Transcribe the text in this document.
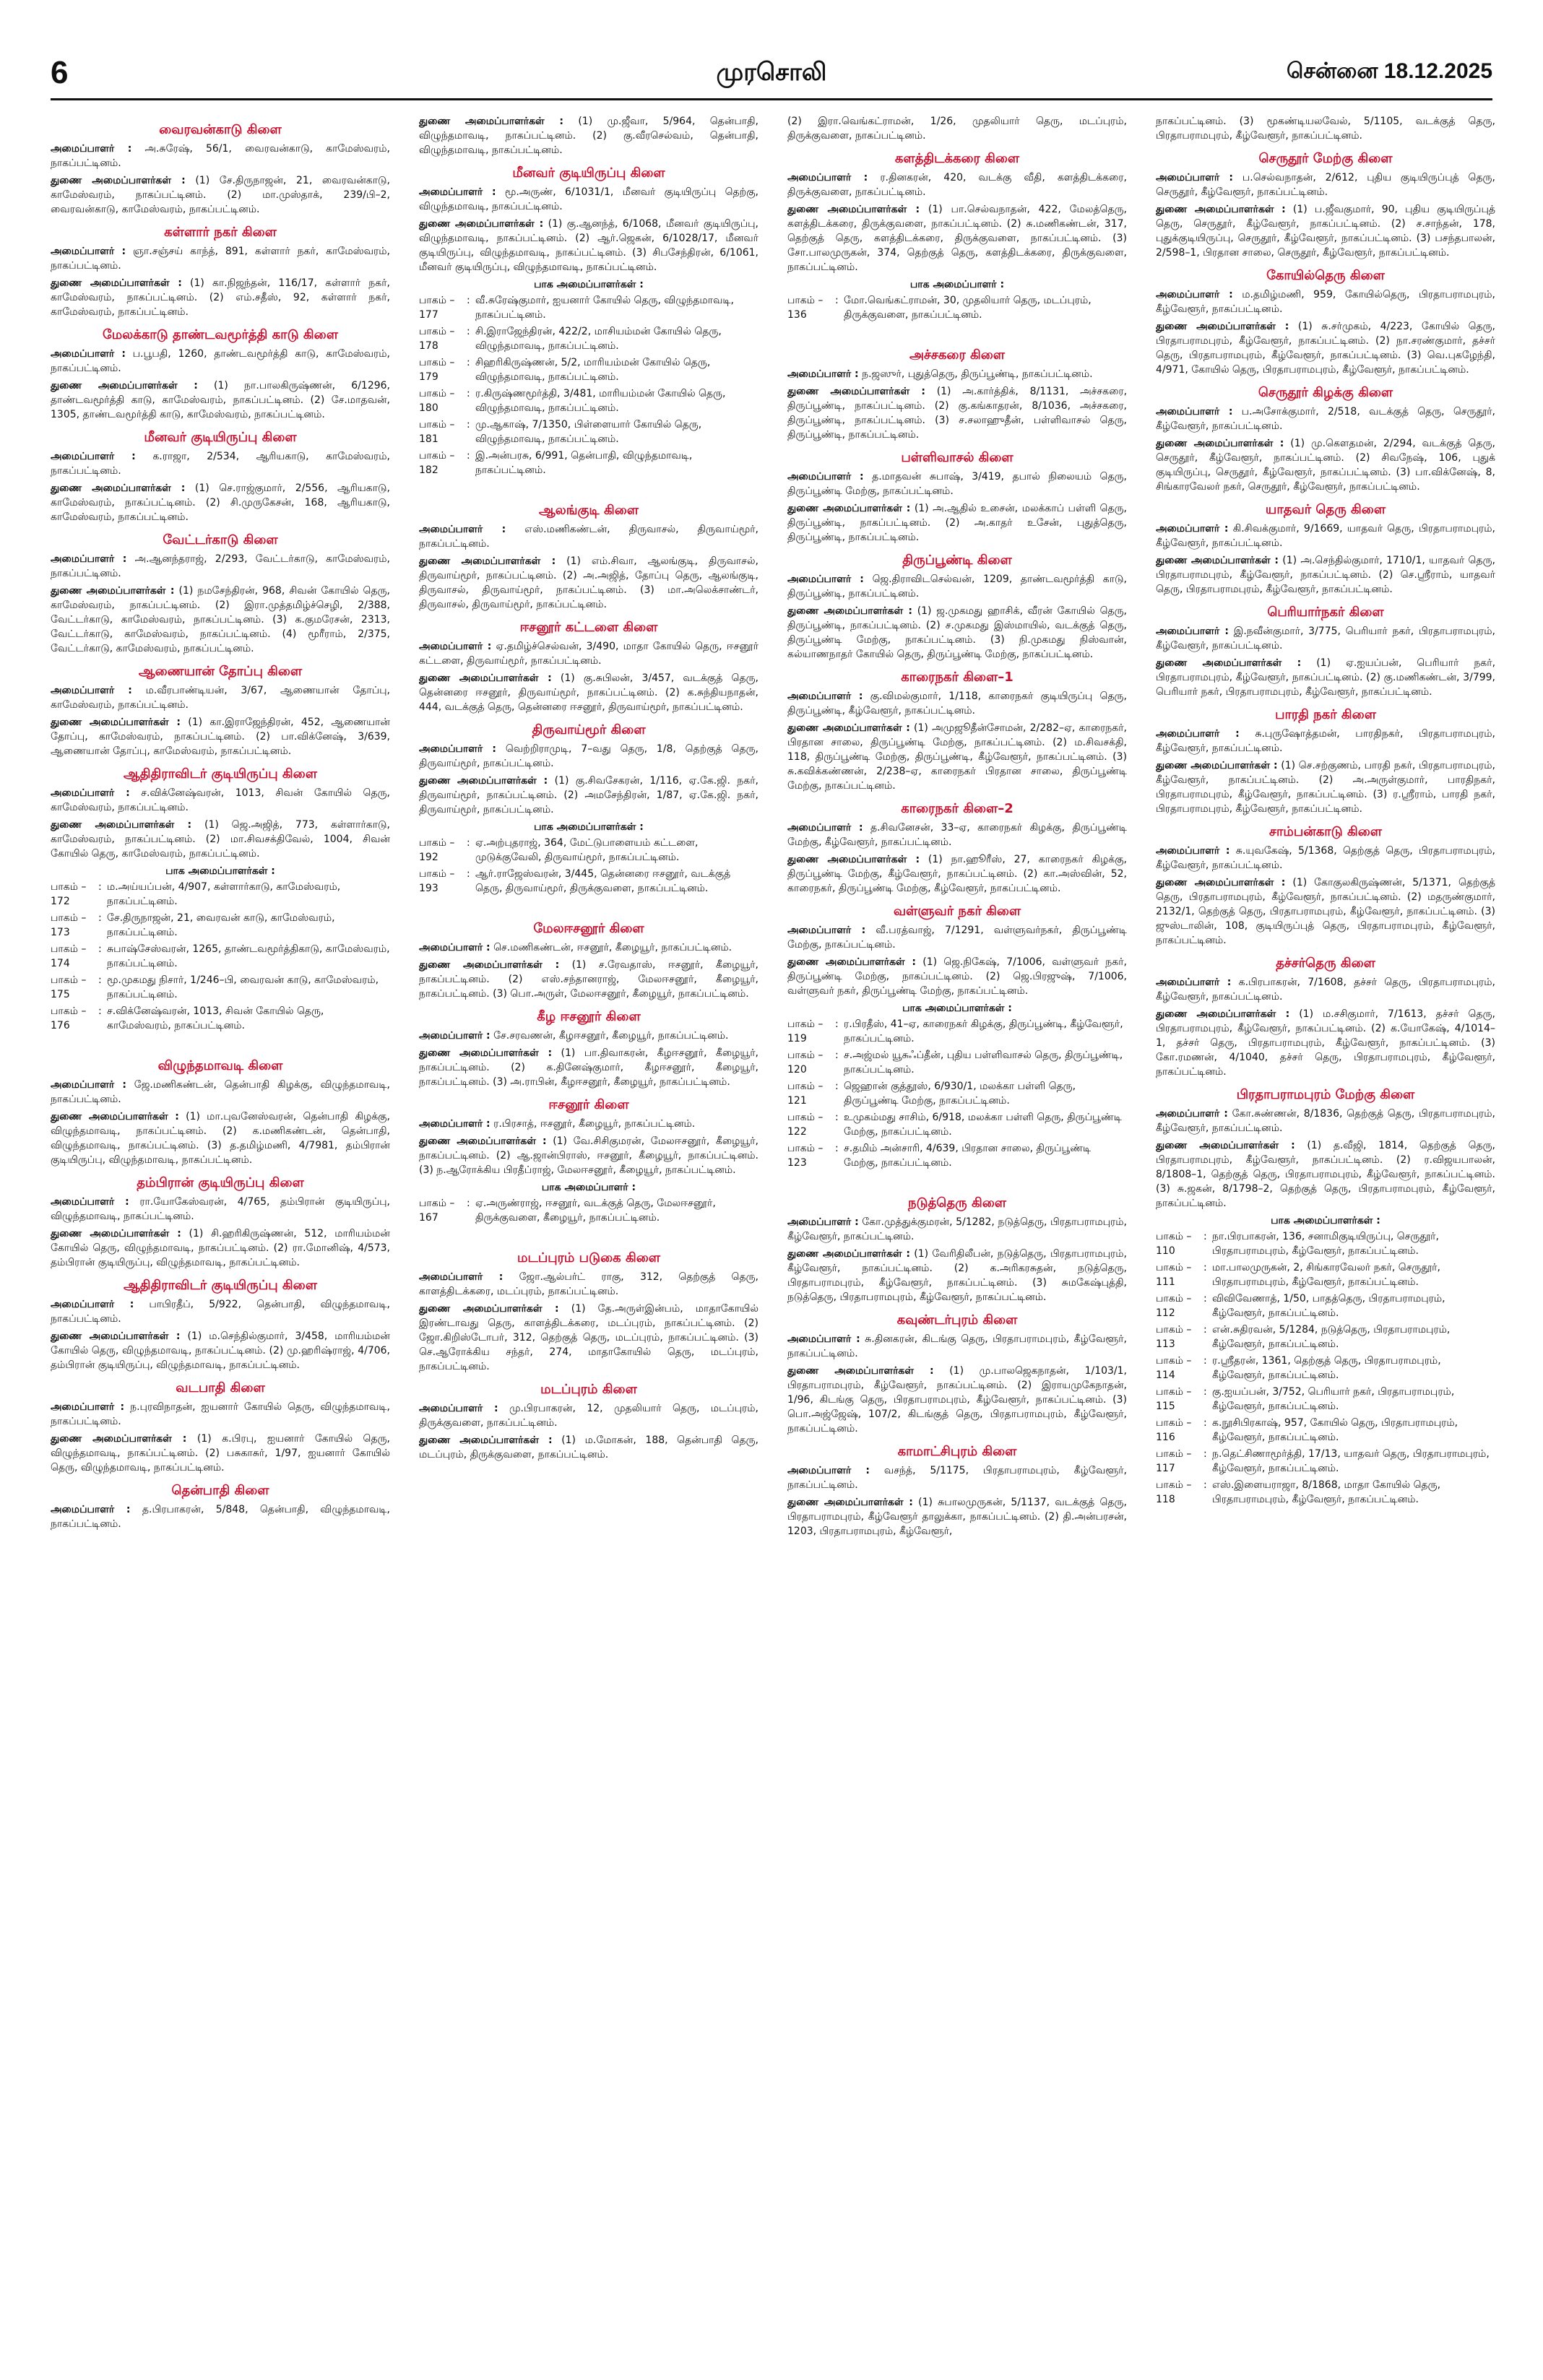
6	முரசொலி	சென்னை 18.12.2025
வைரவன்காடு கிளை
அமைப்பாளர் : அ.சுரேஷ், 56/1, வைரவன்காடு, காமேஸ்வரம், நாகப்பட்டினம்.
துணை அமைப்பாளர்கள் : (1) சே.திருநாஜன், 21, வைரவன்காடு, காமேஸ்வரம், நாகப்பட்டினம். (2) மா.முஸ்தாக், 239/பி–2, வைரவன்காடு, காமேஸ்வரம், நாகப்பட்டினம்.
கள்ளார் நகர் கிளை
அமைப்பாளர் : ஞா.சஞ்சய் காந்த், 891, கள்ளார் நகர், காமேஸ்வரம், நாகப்பட்டினம்.
துணை அமைப்பாளர்கள் : (1) கா.நிஜந்தன், 116/17, கள்ளார் நகர், காமேஸ்வரம், நாகப்பட்டினம். (2) எம்.சதீஸ், 92, கள்ளார் நகர், காமேஸ்வரம், நாகப்பட்டினம்.
மேலக்காடு தாண்டவமூர்த்தி காடு கிளை
அமைப்பாளர் : ப.பூபதி, 1260, தாண்டவமூர்த்தி காடு, காமேஸ்வரம், நாகப்பட்டினம்.
துணை அமைப்பாளர்கள் : (1) நா.பாலகிருஷ்ணன், 6/1296, தாண்டவமூர்த்தி காடு, காமேஸ்வரம், நாகப்பட்டினம். (2) சே.மாதவன், 1305, தாண்டவமூர்த்தி காடு, காமேஸ்வரம், நாகப்பட்டினம்.
மீனவர் குடியிருப்பு கிளை
அமைப்பாளர் : க.ராஜா, 2/534, ஆரியகாடு, காமேஸ்வரம், நாகப்பட்டினம்.
துணை அமைப்பாளர்கள் : (1) செ.ராஜ்குமார், 2/556, ஆரியகாடு, காமேஸ்வரம், நாகப்பட்டினம். (2) சி.முருகேசன், 168, ஆரியகாடு, காமேஸ்வரம், நாகப்பட்டினம்.
வேட்டர்காடு கிளை
அமைப்பாளர் : அ.ஆனந்தராஜ், 2/293, வேட்டர்காடு, காமேஸ்வரம், நாகப்பட்டினம்.
துணை அமைப்பாளர்கள் : (1) நமசேந்திரன், 968, சிவன் கோயில் தெரு, காமேஸ்வரம், நாகப்பட்டினம். (2) இரா.முத்தமிழ்ச்செழி, 2/388, வேட்டர்காடு, காமேஸ்வரம், நாகப்பட்டினம். (3) க.குமரேசன், 2313, வேட்டர்காடு, காமேஸ்வரம், நாகப்பட்டினம். (4) மூரீராம், 2/375, வேட்டர்காடு, காமேஸ்வரம், நாகப்பட்டினம்.
ஆணையான் தோப்பு கிளை
அமைப்பாளர் : ம.வீரபாண்டியன், 3/67, ஆணையான் தோப்பு, காமேஸ்வரம், நாகப்பட்டினம்.
துணை அமைப்பாளர்கள் : (1) கா.இராஜேந்திரன், 452, ஆணையான் தோப்பு, காமேஸ்வரம், நாகப்பட்டினம். (2) பா.விக்னேஷ், 3/639, ஆணையான் தோப்பு, காமேஸ்வரம், நாகப்பட்டினம்.
ஆதிதிராவிடர் குடியிருப்பு கிளை
அமைப்பாளர் : ச.விக்னேஷ்வரன், 1013, சிவன் கோயில் தெரு, காமேஸ்வரம், நாகப்பட்டினம்.
துணை அமைப்பாளர்கள் : (1) ஜெ.அஜித், 773, கள்ளார்காடு, காமேஸ்வரம், நாகப்பட்டினம். (2) மா.சிவசக்திவேல், 1004, சிவன் கோயில் தெரு, காமேஸ்வரம், நாகப்பட்டினம்.
பாக அமைப்பாளர்கள் :
பாகம் – 172
: ம.அய்யப்பன், 4/907, கள்ளார்காடு, காமேஸ்வரம், நாகப்பட்டினம்.
பாகம் – 173
: சே.திருநாஜன், 21, வைரவன் காடு, காமேஸ்வரம், நாகப்பட்டினம்.
பாகம் – 174
: சுபாஷ்சேஸ்வரன், 1265, தாண்டவமூர்த்திகாடு, காமேஸ்வரம், நாகப்பட்டினம்.
பாகம் – 175
: மூ.முகமது நிசார், 1/246–பி, வைரவன் காடு, காமேஸ்வரம், நாகப்பட்டினம்.
பாகம் – 176
: ச.விக்னேஷ்வரன், 1013, சிவன் கோயில் தெரு, காமேஸ்வரம், நாகப்பட்டினம்.
விழுந்தமாவடி கிளை
அமைப்பாளர் : ஜே.மணிகண்டன், தென்பாதி கிழக்கு, விழுந்தமாவடி, நாகப்பட்டினம்.
துணை அமைப்பாளர்கள் : (1) மா.புவனேஸ்வரன், தென்பாதி கிழக்கு, விழுந்தமாவடி, நாகப்பட்டினம். (2) க.மணிகண்டன், தென்பாதி, விழுந்தமாவடி, நாகப்பட்டினம். (3) த.தமிழ்மணி, 4/7981, தம்பிரான் குடியிருப்பு, விழுந்தமாவடி, நாகப்பட்டினம்.
தம்பிரான் குடியிருப்பு கிளை
அமைப்பாளர் : ரா.யோகேஸ்வரன், 4/765, தம்பிரான் குடியிருப்பு, விழுந்தமாவடி, நாகப்பட்டினம்.
துணை அமைப்பாளர்கள் : (1) சி.ஹரிகிருஷ்ணன், 512, மாரியம்மன் கோயில் தெரு, விழுந்தமாவடி, நாகப்பட்டினம். (2) ரா.மோனிஷ், 4/573, தம்பிரான் குடியிருப்பு, விழுந்தமாவடி, நாகப்பட்டினம்.
ஆதிதிராவிடர் குடியிருப்பு கிளை
அமைப்பாளர் : பாபிரதீப், 5/922, தென்பாதி, விழுந்தமாவடி, நாகப்பட்டினம்.
துணை அமைப்பாளர்கள் : (1) ம.செந்தில்குமார், 3/458, மாரியம்மன் கோயில் தெரு, விழுந்தமாவடி, நாகப்பட்டினம். (2) மு.ஹரிஷ்ராஜ், 4/706, தம்பிரான் குடியிருப்பு, விழுந்தமாவடி, நாகப்பட்டினம்.
வடபாதி கிளை
அமைப்பாளர் : ந.புரவிநாதன், ஐயனார் கோயில் தெரு, விழுந்தமாவடி, நாகப்பட்டினம்.
துணை அமைப்பாளர்கள் : (1) க.பிரபு, ஐயனார் கோயில் தெரு, விழுந்தமாவடி, நாகப்பட்டினம். (2) பசுகாசுர், 1/97, ஐயனார் கோயில் தெரு, விழுந்தமாவடி, நாகப்பட்டினம்.
தென்பாதி கிளை
அமைப்பாளர் : த.பிரபாகரன், 5/848, தென்பாதி, விழுந்தமாவடி, நாகப்பட்டினம்.
துணை அமைப்பாளர்கள் : (1) மு.ஜீவா, 5/964, தென்பாதி, விழுந்தமாவடி, நாகப்பட்டினம். (2) கு.வீரசெல்வம், தென்பாதி, விழுந்தமாவடி, நாகப்பட்டினம்.
மீனவர் குடியிருப்பு கிளை
அமைப்பாளர் : மூ.அருண், 6/1031/1, மீனவர் குடியிருப்பு தெற்கு, விழுந்தமாவடி, நாகப்பட்டினம்.
துணை அமைப்பாளர்கள் : (1) கு.ஆனந்த், 6/1068, மீனவர் குடியிருப்பு, விழுந்தமாவடி, நாகப்பட்டினம். (2) ஆர்.ஜெகன், 6/1028/17, மீனவர் குடியிருப்பு, விழுந்தமாவடி, நாகப்பட்டினம். (3) சிபசேந்திரன், 6/1061, மீனவர் குடியிருப்பு, விழுந்தமாவடி, நாகப்பட்டினம்.
பாக அமைப்பாளர்கள் :
பாகம் – 177
: வீ.சுரேஷ்குமார், ஐயனார் கோயில் தெரு, விழுந்தமாவடி, நாகப்பட்டினம்.
பாகம் – 178
: சி.இராஜேந்திரன், 422/2, மாசியம்மன் கோயில் தெரு, விழுந்தமாவடி, நாகப்பட்டினம்.
பாகம் – 179
: சிஹரிகிருஷ்ணன், 5/2, மாரியம்மன் கோயில் தெரு, விழுந்தமாவடி, நாகப்பட்டினம்.
பாகம் – 180
: ர.கிருஷ்ணமூர்த்தி, 3/481, மாரியம்மன் கோயில் தெரு, விழுந்தமாவடி, நாகப்பட்டினம்.
பாகம் – 181
: மு.ஆகாஷ், 7/1350, பிள்ளையார் கோயில் தெரு, விழுந்தமாவடி, நாகப்பட்டினம்.
பாகம் – 182
: இ.அன்பரசு, 6/991, தென்பாதி, விழுந்தமாவடி, நாகப்பட்டினம்.
ஆலங்குடி கிளை
அமைப்பாளர் : எஸ்.மணிகண்டன், திருவாசல், திருவாய்மூர், நாகப்பட்டினம்.
துணை அமைப்பாளர்கள் : (1) எம்.சிவா, ஆலங்குடி, திருவாசல், திருவாய்மூர், நாகப்பட்டினம். (2) அ.அஜித், தோப்பு தெரு, ஆலங்குடி, திருவாசல், திருவாய்மூர், நாகப்பட்டினம். (3) மா.அலெக்சாண்டர், திருவாசல், திருவாய்மூர், நாகப்பட்டினம்.
ஈசனூர் கட்டளை கிளை
அமைப்பாளர் : ஏ.தமிழ்ச்செல்வன், 3/490, மாதா கோயில் தெரு, ஈசனூர் கட்டளை, திருவாய்மூர், நாகப்பட்டினம்.
துணை அமைப்பாளர்கள் : (1) கு.சுபிலன், 3/457, வடக்குத் தெரு, தென்னரை ஈசனூர், திருவாய்மூர், நாகப்பட்டினம். (2) க.சுந்தியநாதன், 444, வடக்குத் தெரு, தென்னரை ஈசனூர், திருவாய்மூர், நாகப்பட்டினம்.
திருவாய்மூர் கிளை
அமைப்பாளர் : வெற்றிராமுடி, 7–வது தெரு, 1/8, தெற்குத் தெரு, திருவாய்மூர், நாகப்பட்டினம்.
துணை அமைப்பாளர்கள் : (1) கு.சிவசேகரன், 1/116, ஏ.கே.ஜி. நகர், திருவாய்மூர், நாகப்பட்டினம். (2) அமசேந்திரன், 1/87, ஏ.கே.ஜி. நகர், திருவாய்மூர், நாகப்பட்டினம்.
பாக அமைப்பாளர்கள் :
பாகம் – 192
: ஏ.அற்புதராஜ், 364, மேட்டுபாளையம் கட்டளை, முடுக்குவேலி, திருவாய்மூர், நாகப்பட்டினம்.
பாகம் – 193
: ஆர்.ராஜேஸ்வரன், 3/445, தென்னரை ஈசனூர், வடக்குத் தெரு, திருவாய்மூர், திருக்குவளை, நாகப்பட்டினம்.
மேலஈசனூர் கிளை
அமைப்பாளர் : செ.மணிகண்டன், ஈசனூர், கீழையூர், நாகப்பட்டினம்.
துணை அமைப்பாளர்கள் : (1) ச.ரேவதாஸ், ஈசனூர், கீழையூர், நாகப்பட்டினம். (2) எஸ்.சந்தானராஜ், மேலஈசனூர், கீழையூர், நாகப்பட்டினம். (3) பொ.அருள், மேலஈசனூர், கீழையூர், நாகப்பட்டினம்.
கீழ ஈசனூர் கிளை
அமைப்பாளர் : சே.சரவணன், கீழஈசனூர், கீழையூர், நாகப்பட்டினம்.
துணை அமைப்பாளர்கள் : (1) பா.திவாகரன், கீழஈசனூர், கீழையூர், நாகப்பட்டினம். (2) க.தினேஷ்குமார், கீழஈசனூர், கீழையூர், நாகப்பட்டினம். (3) அ.ராபின், கீழஈசனூர், கீழையூர், நாகப்பட்டினம்.
ஈசனூர் கிளை
அமைப்பாளர் : ர.பிரசாத், ஈசனூர், கீழையூர், நாகப்பட்டினம்.
துணை அமைப்பாளர்கள் : (1) வே.சிசிகுமரன், மேலஈசனூர், கீழையூர், நாகப்பட்டினம். (2) ஆ.ஜான்பிராஸ், ஈசனூர், கீழையூர், நாகப்பட்டினம். (3) ந.ஆரோக்கிய பிரதீப்ராஜ், மேலஈசனூர், கீழையூர், நாகப்பட்டினம்.
பாக அமைப்பாளர் :
பாகம் – 167
: ஏ.அருண்ராஜ், ஈசனூர், வடக்குத் தெரு, மேலஈசனூர், திருக்குவளை, கீழையூர், நாகப்பட்டினம்.
மடப்புரம் படுகை கிளை
அமைப்பாளர் : ஜோ.ஆல்பர்ட் ராகு, 312, தெற்குத் தெரு, காளத்திடக்கரை, மடப்புரம், நாகப்பட்டினம்.
துணை அமைப்பாளர்கள் : (1) தே.அருள்இன்பம், மாதாகோயில் இரண்டாவது தெரு, காளத்திடக்கரை, மடப்புரம், நாகப்பட்டினம். (2) ஜோ.கிறிஸ்டோபர், 312, தெற்குத் தெரு, மடப்புரம், நாகப்பட்டினம். (3) செ.ஆரோக்கிய சந்தர், 274, மாதாகோயில் தெரு, மடப்புரம், நாகப்பட்டினம்.
மடப்புரம் கிளை
அமைப்பாளர் : மு.பிரபாகரன், 12, முதலியார் தெரு, மடப்புரம், திருக்குவளை, நாகப்பட்டினம்.
துணை அமைப்பாளர்கள் : (1) ம.மோகன், 188, தென்பாதி தெரு, மடப்புரம், திருக்குவளை, நாகப்பட்டினம்.
(2) இரா.வெங்கட்ராமன், 1/26, முதலியார் தெரு, மடப்புரம், திருக்குவளை, நாகப்பட்டினம்.
களத்திடக்கரை கிளை
அமைப்பாளர் : ர.தினகரன், 420, வடக்கு வீதி, களத்திடக்கரை, திருக்குவளை, நாகப்பட்டினம்.
துணை அமைப்பாளர்கள் : (1) பா.செல்வநாதன், 422, மேலத்தெரு, களத்திடக்கரை, திருக்குவளை, நாகப்பட்டினம். (2) சு.மணிகண்டன், 317, தெற்குத் தெரு, களத்திடக்கரை, திருக்குவளை, நாகப்பட்டினம். (3) சோ.பாலமுருகன், 374, தெற்குத் தெரு, களத்திடக்கரை, திருக்குவளை, நாகப்பட்டினம்.
பாக அமைப்பாளர் :
பாகம் – 136
: மோ.வெங்கட்ராமன், 30, முதலியார் தெரு, மடப்புரம், திருக்குவளை, நாகப்பட்டினம்.
அச்சகரை கிளை
அமைப்பாளர் : ந.ஜஸுர், புதுத்தெரு, திருப்பூண்டி, நாகப்பட்டினம்.
துணை அமைப்பாளர்கள் : (1) அ.கார்த்திக், 8/1131, அச்சகரை, திருப்பூண்டி, நாகப்பட்டினம். (2) கு.கங்காதரன், 8/1036, அச்சகரை, திருப்பூண்டி, நாகப்பட்டினம். (3) ச.சலாஹுதீன், பள்ளிவாசல் தெரு, திருப்பூண்டி, நாகப்பட்டினம்.
பள்ளிவாசல் கிளை
அமைப்பாளர் : த.மாதவன் சுபாஷ், 3/419, தபால் நிலையம் தெரு, திருப்பூண்டி மேற்கு, நாகப்பட்டினம்.
துணை அமைப்பாளர்கள் : (1) அ.ஆதில் உசைன், மலக்காப் பள்ளி தெரு, திருப்பூண்டி, நாகப்பட்டினம். (2) அ.காதர் உசேன், புதுத்தெரு, திருப்பூண்டி, நாகப்பட்டினம்.
திருப்பூண்டி கிளை
அமைப்பாளர் : ஜெ.திராவிடசெல்வன், 1209, தாண்டவமூர்த்தி காடு, திருப்பூண்டி, நாகப்பட்டினம்.
துணை அமைப்பாளர்கள் : (1) ஜ.முகமது ஹாசிக், வீரன் கோயில் தெரு, திருப்பூண்டி, நாகப்பட்டினம். (2) ச.முகமது இஸ்மாயில், வடக்குத் தெரு, திருப்பூண்டி மேற்கு, நாகப்பட்டினம். (3) நி.முகமது நிஸ்வான், கல்யாணநாதர் கோயில் தெரு, திருப்பூண்டி மேற்கு, நாகப்பட்டினம்.
காரைநகர் கிளை–1
அமைப்பாளர் : கு.விமல்குமார், 1/118, காரைநகர் குடியிருப்பு தெரு, திருப்பூண்டி, கீழ்வேளூர், நாகப்பட்டினம்.
துணை அமைப்பாளர்கள் : (1) அமுஜூதீன்சோமன், 2/282–ஏ, காரைநகர், பிரதான சாலை, திருப்பூண்டி மேற்கு, நாகப்பட்டினம். (2) ம.சிவசக்தி, 118, திருப்பூண்டி மேற்கு, திருப்பூண்டி, கீழ்வேளூர், நாகப்பட்டினம். (3) சு.கவிக்கண்ணன், 2/238–ஏ, காரைநகர் பிரதான சாலை, திருப்பூண்டி மேற்கு, நாகப்பட்டினம்.
காரைநகர் கிளை–2
அமைப்பாளர் : த.சிவனேசன், 33–ஏ, காரைநகர் கிழக்கு, திருப்பூண்டி மேற்கு, கீழ்வேளூர், நாகப்பட்டினம்.
துணை அமைப்பாளர்கள் : (1) நா.ஹூரீஸ், 27, காரைநகர் கிழக்கு, திருப்பூண்டி மேற்கு, கீழ்வேளூர், நாகப்பட்டினம். (2) கா.அஸ்வின், 52, காரைநகர், திருப்பூண்டி மேற்கு, கீழ்வேளூர், நாகப்பட்டினம்.
வள்ளுவர் நகர் கிளை
அமைப்பாளர் : வீ.பரத்வாஜ், 7/1291, வள்ளுவர்நகர், திருப்பூண்டி மேற்கு, நாகப்பட்டினம்.
துணை அமைப்பாளர்கள் : (1) ஜெ.நிகேஷ், 7/1006, வள்ளுவர் நகர், திருப்பூண்டி மேற்கு, நாகப்பட்டினம். (2) ஜெ.பிரஜுஷ், 7/1006, வள்ளுவர் நகர், திருப்பூண்டி மேற்கு, நாகப்பட்டினம்.
பாக அமைப்பாளர்கள் :
பாகம் – 119
: ர.பிரதீஸ், 41–ஏ, காரைநகர் கிழக்கு, திருப்பூண்டி, கீழ்வேளூர், நாகப்பட்டினம்.
பாகம் – 120
: ச.அஜ்மல் யூசுஃப்தீன், புதிய பள்ளிவாசல் தெரு, திருப்பூண்டி, நாகப்பட்டினம்.
பாகம் – 121
: ஜெஹான் குத்தூஸ், 6/930/1, மலக்கா பள்ளி தெரு, திருப்பூண்டி மேற்கு, நாகப்பட்டினம்.
பாகம் – 122
: உமுகம்மது சாசிம், 6/918, மலக்கா பள்ளி தெரு, திருப்பூண்டி மேற்கு, நாகப்பட்டினம்.
பாகம் – 123
: ச.தமிம் அன்சாரி, 4/639, பிரதான சாலை, திருப்பூண்டி மேற்கு, நாகப்பட்டினம்.
நடுத்தெரு கிளை
அமைப்பாளர் : கோ.முத்துக்குமரன், 5/1282, நடுத்தெரு, பிரதாபராமபுரம், கீழ்வேளூர், நாகப்பட்டினம்.
துணை அமைப்பாளர்கள் : (1) வேரிதிலீபன், நடுத்தெரு, பிரதாபராமபுரம், கீழ்வேளூர், நாகப்பட்டினம். (2) க.அரிகரசுதன், நடுத்தெரு, பிரதாபராமபுரம், கீழ்வேளூர், நாகப்பட்டினம். (3) சுமகேஷ்புத்தி, நடுத்தெரு, பிரதாபராமபுரம், கீழ்வேளூர், நாகப்பட்டினம்.
கவுண்டர்புரம் கிளை
அமைப்பாளர் : சு.தினகரன், கிடங்கு தெரு, பிரதாபராமபுரம், கீழ்வேளூர், நாகப்பட்டினம்.
துணை அமைப்பாளர்கள் : (1) மு.பாலஜெகநாதன், 1/103/1, பிரதாபராமபுரம், கீழ்வேளூர், நாகப்பட்டினம். (2) இராயமுகேநாதன், 1/96, கிடங்கு தெரு, பிரதாபராமபுரம், கீழ்வேளூர், நாகப்பட்டினம். (3) பொ.அஜ்ஜேஷ், 107/2, கிடங்குத் தெரு, பிரதாபராமபுரம், கீழ்வேளூர், நாகப்பட்டினம்.
காமாட்சிபுரம் கிளை
அமைப்பாளர் : வசந்த், 5/1175, பிரதாபராமபுரம், கீழ்வேளூர், நாகப்பட்டினம்.
துணை அமைப்பாளர்கள் : (1) சுபாலமுருகன், 5/1137, வடக்குத் தெரு, பிரதாபராமபுரம், கீழ்வேளூர் தாலுக்கா, நாகப்பட்டினம். (2) தி.அன்பரசன், 1203, பிரதாபராமபுரம், கீழ்வேளூர்,
நாகப்பட்டினம். (3) மூகண்டியலவேல், 5/1105, வடக்குத் தெரு, பிரதாபராமபுரம், கீழ்வேளூர், நாகப்பட்டினம்.
செருதூர் மேற்கு கிளை
அமைப்பாளர் : ப.செல்வநாதன், 2/612, புதிய குடியிருப்புத் தெரு, செருதூர், கீழ்வேளூர், நாகப்பட்டினம்.
துணை அமைப்பாளர்கள் : (1) ப.ஜீவகுமார், 90, புதிய குடியிருப்புத் தெரு, செருதூர், கீழ்வேளூர், நாகப்பட்டினம். (2) ச.சாந்தன், 178, புதுக்குடியிருப்பு, செருதூர், கீழ்வேளூர், நாகப்பட்டினம். (3) பசந்தபாலன், 2/598–1, பிரதான சாலை, செருதூர், கீழ்வேளூர், நாகப்பட்டினம்.
கோயில்தெரு கிளை
அமைப்பாளர் : ம.தமிழ்மணி, 959, கோயில்தெரு, பிரதாபராமபுரம், கீழ்வேளூர், நாகப்பட்டினம்.
துணை அமைப்பாளர்கள் : (1) சு.சர்முகம், 4/223, கோயில் தெரு, பிரதாபராமபுரம், கீழ்வேளூர், நாகப்பட்டினம். (2) நா.சரண்குமார், தச்சர் தெரு, பிரதாபராமபுரம், கீழ்வேளூர், நாகப்பட்டினம். (3) வெ.புகழேந்தி, 4/971, கோயில் தெரு, பிரதாபராமபுரம், கீழ்வேளூர், நாகப்பட்டினம்.
செருதூர் கிழக்கு கிளை
அமைப்பாளர் : ப.அசோக்குமார், 2/518, வடக்குத் தெரு, செருதூர், கீழ்வேளூர், நாகப்பட்டினம்.
துணை அமைப்பாளர்கள் : (1) மு.கௌதமன், 2/294, வடக்குத் தெரு, செருதூர், கீழ்வேளூர், நாகப்பட்டினம். (2) சிவநேஷ், 106, புதுக் குடியிருப்பு, செருதூர், கீழ்வேளூர், நாகப்பட்டினம். (3) பா.விக்னேஷ், 8, சிங்காரவேலர் நகர், செருதூர், கீழ்வேளூர், நாகப்பட்டினம்.
யாதவர் தெரு கிளை
அமைப்பாளர் : கி.சிவக்குமார், 9/1669, யாதவர் தெரு, பிரதாபராமபுரம், கீழ்வேளூர், நாகப்பட்டினம்.
துணை அமைப்பாளர்கள் : (1) அ.செந்தில்குமார், 1710/1, யாதவர் தெரு, பிரதாபராமபுரம், கீழ்வேளூர், நாகப்பட்டினம். (2) செ.ஸ்ரீராம், யாதவர் தெரு, பிரதாபராமபுரம், கீழ்வேளூர், நாகப்பட்டினம்.
பெரியார்நகர் கிளை
அமைப்பாளர் : இ.நவீன்குமார், 3/775, பெரியார் நகர், பிரதாபராமபுரம், கீழ்வேளூர், நாகப்பட்டினம்.
துணை அமைப்பாளர்கள் : (1) ஏ.ஐயப்பன், பெரியார் நகர், பிரதாபராமபுரம், கீழ்வேளூர், நாகப்பட்டினம். (2) கு.மணிகண்டன், 3/799, பெரியார் நகர், பிரதாபராமபுரம், கீழ்வேளூர், நாகப்பட்டினம்.
பாரதி நகர் கிளை
அமைப்பாளர் : சு.புருஷோத்தமன், பாரதிநகர், பிரதாபராமபுரம், கீழ்வேளூர், நாகப்பட்டினம்.
துணை அமைப்பாளர்கள் : (1) செ.சற்குணம், பாரதி நகர், பிரதாபராமபுரம், கீழ்வேளூர், நாகப்பட்டினம். (2) அ.அருள்குமார், பாரதிநகர், பிரதாபராமபுரம், கீழ்வேளூர், நாகப்பட்டினம். (3) ர.ஸ்ரீராம், பாரதி நகர், பிரதாபராமபுரம், கீழ்வேளூர், நாகப்பட்டினம்.
சாம்பன்காடு கிளை
அமைப்பாளர் : சு.யுவகேஷ், 5/1368, தெற்குத் தெரு, பிரதாபராமபுரம், கீழ்வேளூர், நாகப்பட்டினம்.
துணை அமைப்பாளர்கள் : (1) கோகுலகிருஷ்ணன், 5/1371, தெற்குத் தெரு, பிரதாபராமபுரம், கீழ்வேளூர், நாகப்பட்டினம். (2) மதருண்குமார், 2132/1, தெற்குத் தெரு, பிரதாபராமபுரம், கீழ்வேளூர், நாகப்பட்டினம். (3) ஜுஸ்டாலின், 108, குடியிருப்புத் தெரு, பிரதாபராமபுரம், கீழ்வேளூர், நாகப்பட்டினம்.
தச்சர்தெரு கிளை
அமைப்பாளர் : க.பிரபாகரன், 7/1608, தச்சர் தெரு, பிரதாபராமபுரம், கீழ்வேளூர், நாகப்பட்டினம்.
துணை அமைப்பாளர்கள் : (1) ம.சசிகுமார், 7/1613, தச்சர் தெரு, பிரதாபராமபுரம், கீழ்வேளூர், நாகப்பட்டினம். (2) க.யோகேஷ், 4/1014–1, தச்சர் தெரு, பிரதாபராமபுரம், கீழ்வேளூர், நாகப்பட்டினம். (3) கோ.ரமணன், 4/1040, தச்சர் தெரு, பிரதாபராமபுரம், கீழ்வேளூர், நாகப்பட்டினம்.
பிரதாபராமபுரம் மேற்கு கிளை
அமைப்பாளர் : கோ.சுண்ணன், 8/1836, தெற்குத் தெரு, பிரதாபராமபுரம், கீழ்வேளூர், நாகப்பட்டினம்.
துணை அமைப்பாளர்கள் : (1) த.வீஜி, 1814, தெற்குத் தெரு, பிரதாபராமபுரம், கீழ்வேளூர், நாகப்பட்டினம். (2) ர.விஜயபாலன், 8/1808–1, தெற்குத் தெரு, பிரதாபராமபுரம், கீழ்வேளூர், நாகப்பட்டினம். (3) சு.ஜகன், 8/1798–2, தெற்குத் தெரு, பிரதாபராமபுரம், கீழ்வேளூர், நாகப்பட்டினம்.
பாக அமைப்பாளர்கள் :
பாகம் – 110
: நா.பிரபாகரன், 136, சனாமிகுடியிருப்பு, செருதூர், பிரதாபராமபுரம், கீழ்வேளூர், நாகப்பட்டினம்.
பாகம் – 111
: மா.பாலமுருகன், 2, சிங்காரவேலர் நகர், செருதூர், பிரதாபராமபுரம், கீழ்வேளூர், நாகப்பட்டினம்.
பாகம் – 112
: விவிவேணாத், 1/50, பாதத்தெரு, பிரதாபராமபுரம், கீழ்வேளூர், நாகப்பட்டினம்.
பாகம் – 113
: என்.சுதிரவன், 5/1284, நடுத்தெரு, பிரதாபராமபுரம், கீழ்வேளூர், நாகப்பட்டினம்.
பாகம் – 114
: ர.ஸ்ரீதரன், 1361, தெற்குத் தெரு, பிரதாபராமபுரம், கீழ்வேளூர், நாகப்பட்டினம்.
பாகம் – 115
: கு.ஐயப்பன், 3/752, பெரியார் நகர், பிரதாபராமபுரம், கீழ்வேளூர், நாகப்பட்டினம்.
பாகம் – 116
: க.நூசிபிரகாஷ், 957, கோயில் தெரு, பிரதாபராமபுரம், கீழ்வேளூர், நாகப்பட்டினம்.
பாகம் – 117
: ந.தெட்சிணாமூர்த்தி, 17/13, யாதவர் தெரு, பிரதாபராமபுரம், கீழ்வேளூர், நாகப்பட்டினம்.
பாகம் – 118
: எஸ்.இளையராஜா, 8/1868, மாதா கோயில் தெரு, பிரதாபராமபுரம், கீழ்வேளூர், நாகப்பட்டினம்.
